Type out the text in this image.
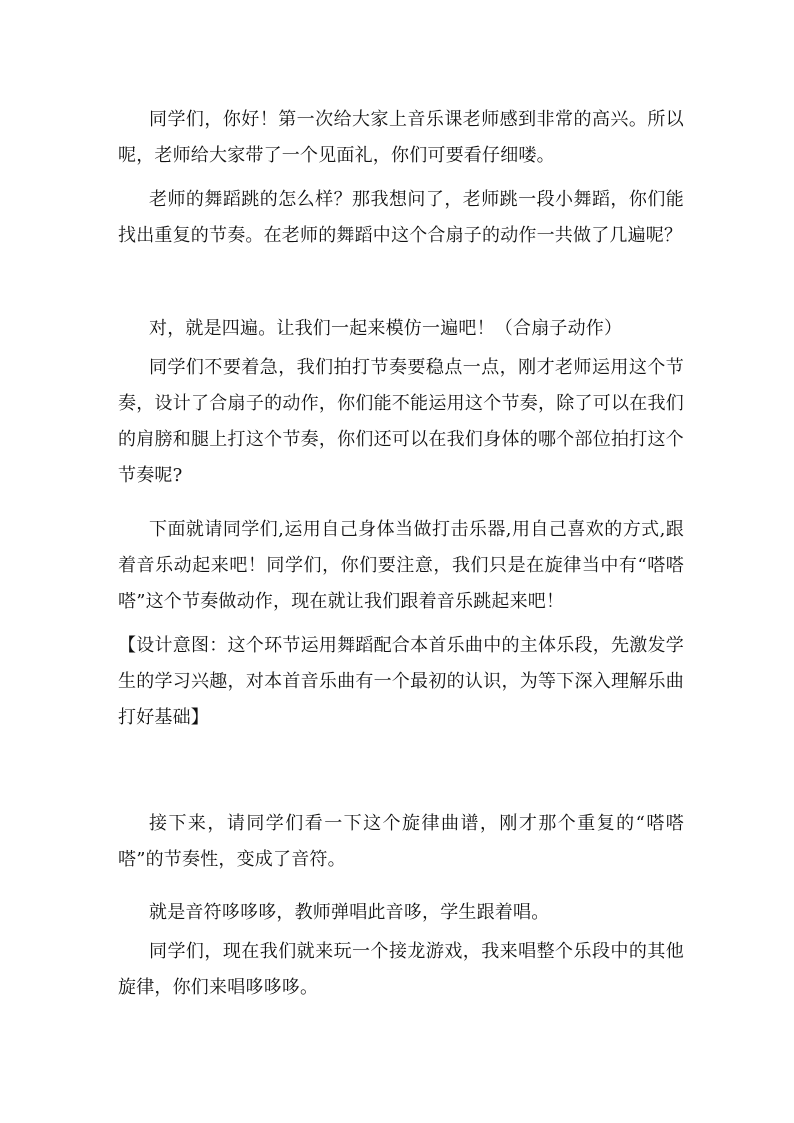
同学们，你好！第一次给大家上音乐课老师感到非常的高兴。所以呢，老师给大家带了一个见面礼，你们可要看仔细喽。

老师的舞蹈跳的怎么样？那我想问了，老师跳一段小舞蹈，你们能找出重复的节奏。在老师的舞蹈中这个合扇子的动作一共做了几遍呢？

对，就是四遍。让我们一起来模仿一遍吧！（合扇子动作）

同学们不要着急，我们拍打节奏要稳点一点，刚才老师运用这个节奏，设计了合扇子的动作，你们能不能运用这个节奏，除了可以在我们的肩膀和腿上打这个节奏，你们还可以在我们身体的哪个部位拍打这个节奏呢?

下面就请同学们,运用自己身体当做打击乐器,用自己喜欢的方式,跟着音乐动起来吧！同学们，你们要注意，我们只是在旋律当中有“嗒嗒嗒”这个节奏做动作，现在就让我们跟着音乐跳起来吧！

【设计意图：这个环节运用舞蹈配合本首乐曲中的主体乐段，先激发学生的学习兴趣，对本首音乐曲有一个最初的认识，为等下深入理解乐曲打好基础】

接下来，请同学们看一下这个旋律曲谱，刚才那个重复的“嗒嗒嗒”的节奏性，变成了音符。

就是音符哆哆哆，教师弹唱此音哆，学生跟着唱。

同学们，现在我们就来玩一个接龙游戏，我来唱整个乐段中的其他旋律，你们来唱哆哆哆。
